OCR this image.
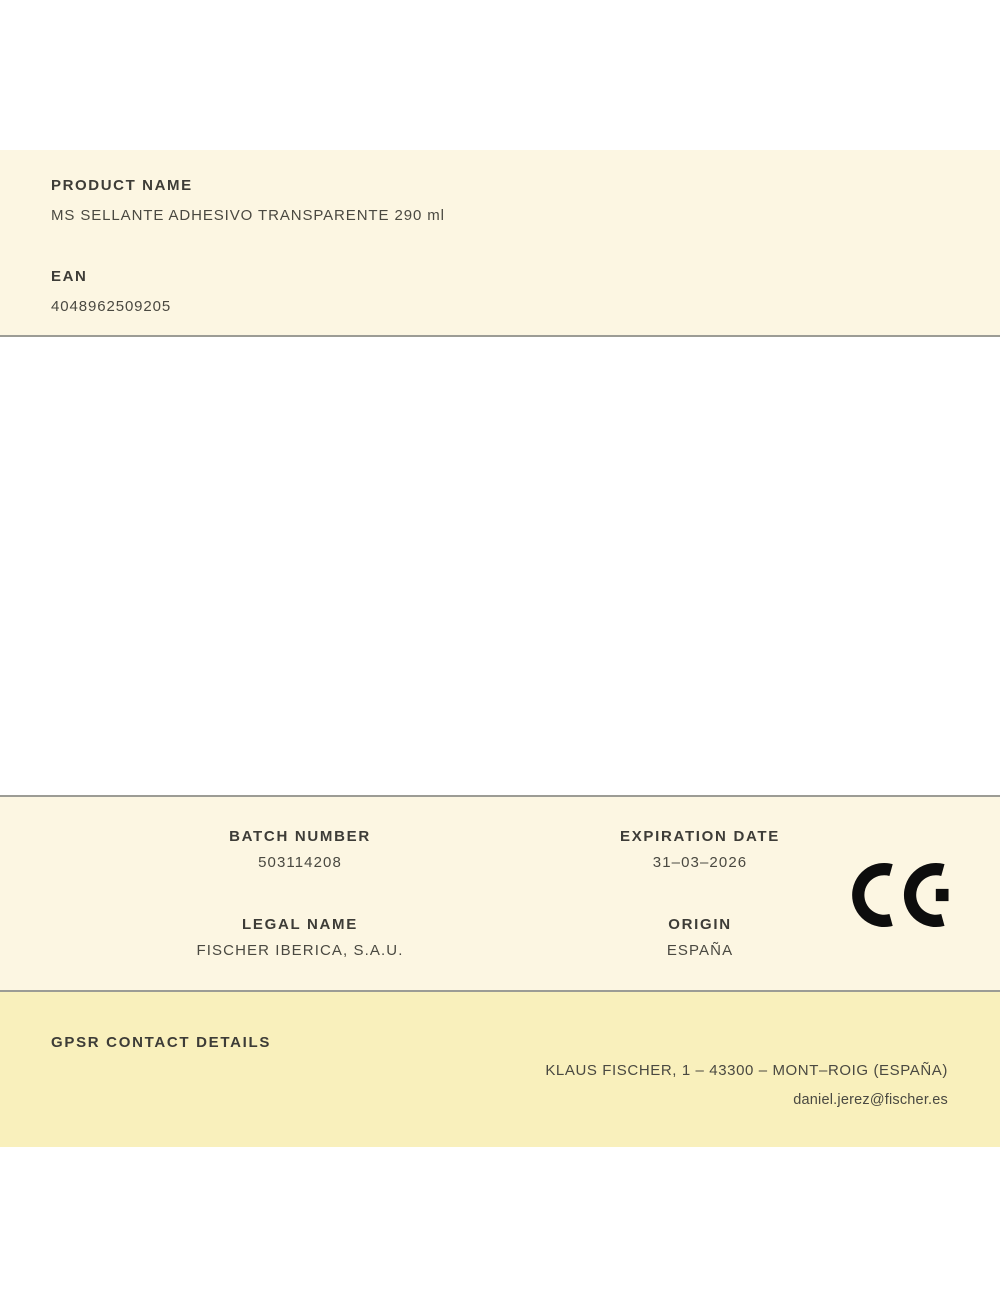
PRODUCT NAME
MS SELLANTE ADHESIVO TRANSPARENTE 290 ml
EAN
4048962509205
BATCH NUMBER
503114208
LEGAL NAME
FISCHER IBERICA, S.A.U.
EXPIRATION DATE
31–03–2026
ORIGIN
ESPAÑA
GPSR CONTACT DETAILS
KLAUS FISCHER, 1 – 43300 – MONT–ROIG (ESPAÑA)
daniel.jerez@fischer.es
